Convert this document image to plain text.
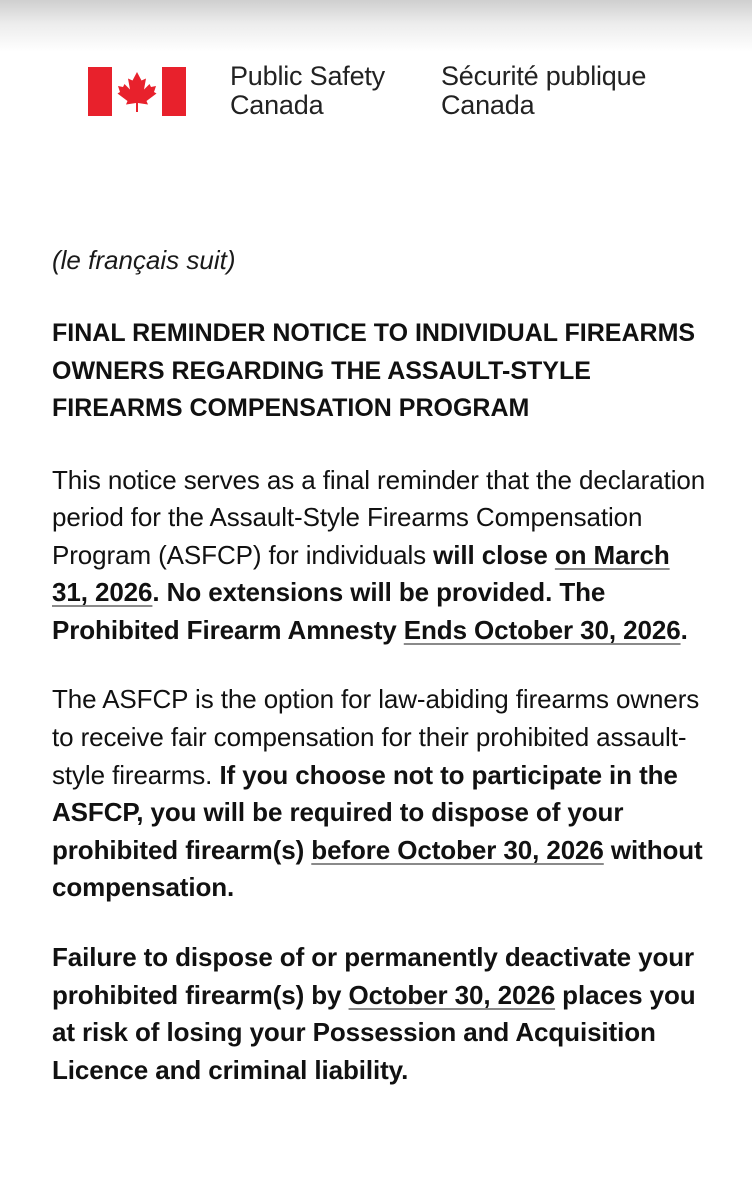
Public Safety
Canada
Sécurité publique
Canada

(le français suit)

FINAL REMINDER NOTICE TO INDIVIDUAL FIREARMS OWNERS REGARDING THE ASSAULT-STYLE FIREARMS COMPENSATION PROGRAM

This notice serves as a final reminder that the declaration period for the Assault-Style Firearms Compensation Program (ASFCP) for individuals will close on March 31, 2026. No extensions will be provided. The Prohibited Firearm Amnesty Ends October 30, 2026.

The ASFCP is the option for law-abiding firearms owners to receive fair compensation for their prohibited assault-style firearms. If you choose not to participate in the ASFCP, you will be required to dispose of your prohibited firearm(s) before October 30, 2026 without compensation.

Failure to dispose of or permanently deactivate your prohibited firearm(s) by October 30, 2026 places you at risk of losing your Possession and Acquisition Licence and criminal liability.
